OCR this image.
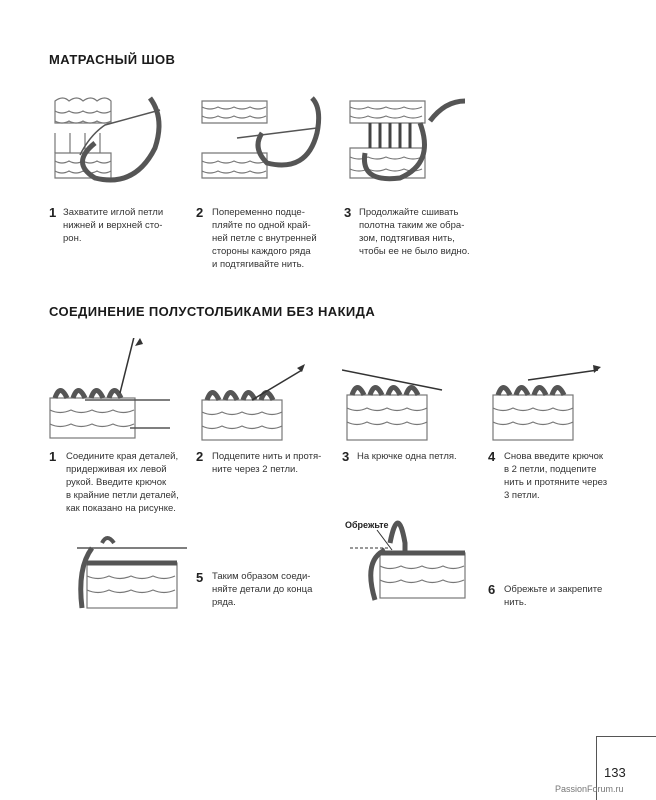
МАТРАСНЫЙ ШОВ
1 Захватите иглой петли
нижней и верхней сто-
рон.
2 Попеременно подце-
пляйте по одной край-
ней петле с внутренней
стороны каждого ряда
и подтягивайте нить.
3 Продолжайте сшивать
полотна таким же обра-
зом, подтягивая нить,
чтобы ее не было видно.
СОЕДИНЕНИЕ ПОЛУСТОЛБИКАМИ БЕЗ НАКИДА
1 Соедините края деталей,
придерживая их левой
рукой. Введите крючок
в крайние петли деталей,
как показано на рисунке.
2 Подцепите нить и протя-
ните через 2 петли.
3 На крючке одна петля. 4 Снова введите крючок
в 2 петли, подцепите
нить и протяните через
3 петли.
5 Таким образом соеди-
няйте детали до конца
ряда.
Обрежьте
6 Обрежьте и закрепите
нить.
133
PassionForum.ru
